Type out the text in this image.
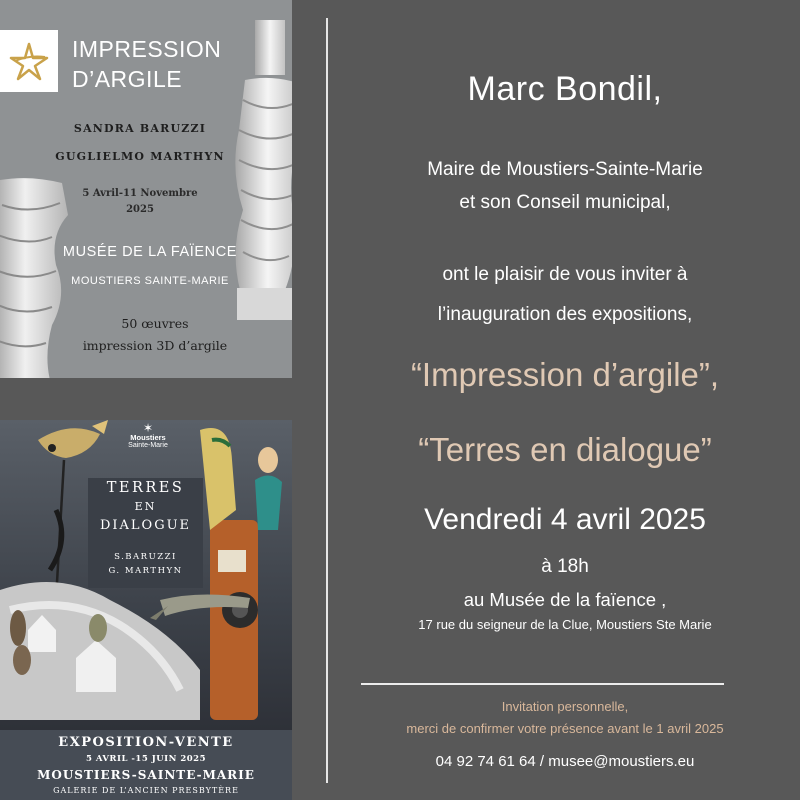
IMPRESSION
D’ARGILE
SANDRA BARUZZI
GUGLIELMO MARTHYN
5 Avril-11 Novembre
2025
MUSÉE DE LA FAÏENCE
MOUSTIERS SAINTE-MARIE
50 œuvres
impression 3D d’argile
✶
Moustiers
Sainte-Marie
TERRES
EN
DIALOGUE
S.BARUZZI
G. MARTHYN
EXPOSITION-VENTE
5 AVRIL -15 JUIN 2025
MOUSTIERS-SAINTE-MARIE
GALERIE DE L’ANCIEN PRESBYTÈRE
Marc Bondil,
Maire de Moustiers-Sainte-Marie
et son Conseil municipal,
ont le plaisir de vous inviter à
l’inauguration des expositions,
“Impression d’argile”,
“Terres en dialogue”
Vendredi 4 avril 2025
à 18h
au Musée de la faïence ,
17 rue du seigneur de la Clue, Moustiers Ste Marie
Invitation personnelle,
merci de confirmer votre présence avant le 1 avril 2025
04 92 74 61 64 / musee@moustiers.eu
